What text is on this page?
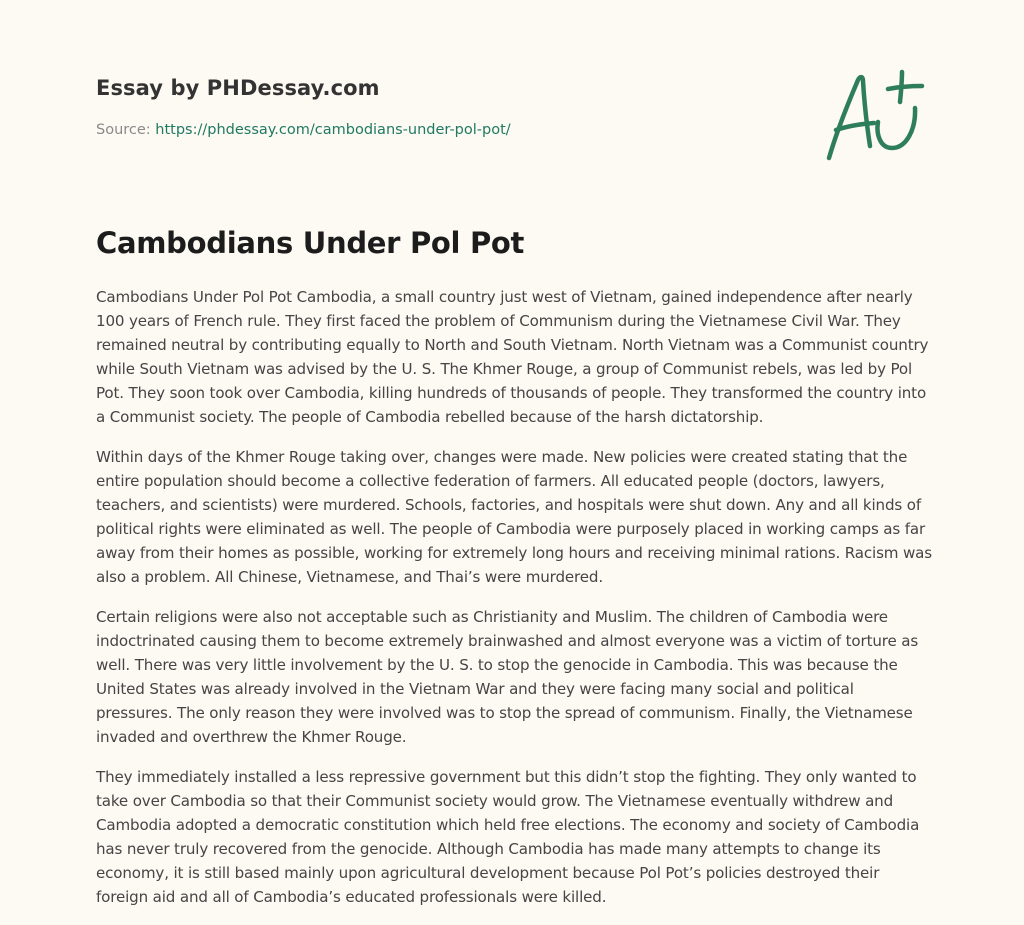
Essay by PHDessay.com
Source: https://phdessay.com/cambodians-under-pol-pot/
Cambodians Under Pol Pot

Cambodians Under Pol Pot Cambodia, a small country just west of Vietnam, gained independence after nearly 100 years of French rule. They first faced the problem of Communism during the Vietnamese Civil War. They remained neutral by contributing equally to North and South Vietnam. North Vietnam was a Communist country while South Vietnam was advised by the U. S. The Khmer Rouge, a group of Communist rebels, was led by Pol Pot. They soon took over Cambodia, killing hundreds of thousands of people. They transformed the country into a Communist society. The people of Cambodia rebelled because of the harsh dictatorship.

Within days of the Khmer Rouge taking over, changes were made. New policies were created stating that the entire population should become a collective federation of farmers. All educated people (doctors, lawyers, teachers, and scientists) were murdered. Schools, factories, and hospitals were shut down. Any and all kinds of political rights were eliminated as well. The people of Cambodia were purposely placed in working camps as far away from their homes as possible, working for extremely long hours and receiving minimal rations. Racism was also a problem. All Chinese, Vietnamese, and Thai’s were murdered.

Certain religions were also not acceptable such as Christianity and Muslim. The children of Cambodia were indoctrinated causing them to become extremely brainwashed and almost everyone was a victim of torture as well. There was very little involvement by the U. S. to stop the genocide in Cambodia. This was because the United States was already involved in the Vietnam War and they were facing many social and political pressures. The only reason they were involved was to stop the spread of communism. Finally, the Vietnamese invaded and overthrew the Khmer Rouge.

They immediately installed a less repressive government but this didn’t stop the fighting. They only wanted to take over Cambodia so that their Communist society would grow. The Vietnamese eventually withdrew and Cambodia adopted a democratic constitution which held free elections. The economy and society of Cambodia has never truly recovered from the genocide. Although Cambodia has made many attempts to change its economy, it is still based mainly upon agricultural development because Pol Pot’s policies destroyed their foreign aid and all of Cambodia’s educated professionals were killed.
